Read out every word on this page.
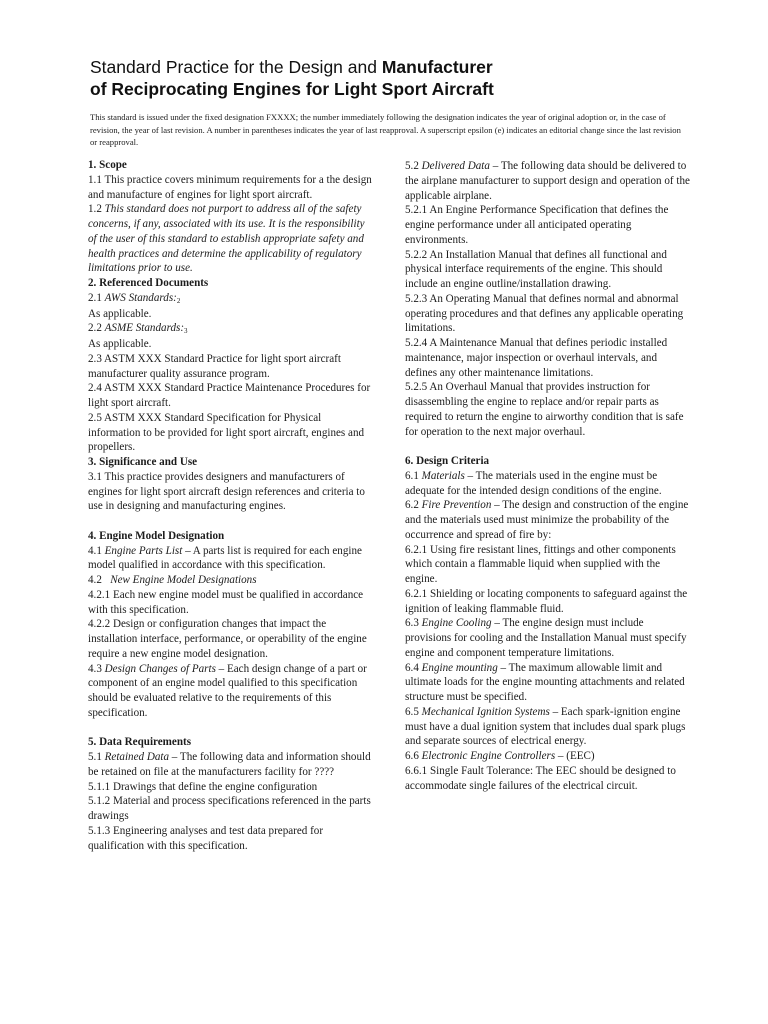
Standard Practice for the Design and Manufacturer
of Reciprocating Engines for Light Sport Aircraft
This standard is issued under the fixed designation FXXXX; the number immediately following the designation indicates the year of original adoption or, in the case of revision, the year of last revision. A number in parentheses indicates the year of last reapproval. A superscript epsilon (e) indicates an editorial change since the last revision or reapproval.

1. Scope

1.1 This practice covers minimum requirements for a the design and manufacture of engines for light sport aircraft.

1.2 This standard does not purport to address all of the safety concerns, if any, associated with its use. It is the responsibility of the user of this standard to establish appropriate safety and health practices and determine the applicability of regulatory limitations prior to use.

2. Referenced Documents

2.1 AWS Standards:$^2$

As applicable.

2.2 ASME Standards:$^3$

As applicable.

2.3 ASTM XXX Standard Practice for light sport aircraft manufacturer quality assurance program.

2.4 ASTM XXX Standard Practice Maintenance Procedures for light sport aircraft.

2.5 ASTM XXX Standard Specification for Physical information to be provided for light sport aircraft, engines and propellers.

3. Significance and Use

3.1 This practice provides designers and manufacturers of engines for light sport aircraft design references and criteria to use in designing and manufacturing engines.

4. Engine Model Designation

4.1 Engine Parts List – A parts list is required for each engine model qualified in accordance with this specification.

4.2   New Engine Model Designations

4.2.1 Each new engine model must be qualified in accordance with this specification.

4.2.2 Design or configuration changes that impact the installation interface, performance, or operability of the engine require a new engine model designation.

4.3 Design Changes of Parts – Each design change of a part or component of an engine model qualified to this specification should be evaluated relative to the requirements of this specification.

5. Data Requirements

5.1 Retained Data – The following data and information should be retained on file at the manufacturers facility for ????

5.1.1 Drawings that define the engine configuration

5.1.2 Material and process specifications referenced in the parts drawings

5.1.3 Engineering analyses and test data prepared for qualification with this specification.

5.2 Delivered Data – The following data should be delivered to the airplane manufacturer to support design and operation of the applicable airplane.

5.2.1 An Engine Performance Specification that defines the engine performance under all anticipated operating environments.

5.2.2 An Installation Manual that defines all functional and physical interface requirements of the engine. This should include an engine outline/installation drawing.

5.2.3 An Operating Manual that defines normal and abnormal operating procedures and that defines any applicable operating limitations.

5.2.4 A Maintenance Manual that defines periodic installed maintenance, major inspection or overhaul intervals, and defines any other maintenance limitations.

5.2.5 An Overhaul Manual that provides instruction for disassembling the engine to replace and/or repair parts as required to return the engine to airworthy condition that is safe for operation to the next major overhaul.

6. Design Criteria

6.1 Materials – The materials used in the engine must be adequate for the intended design conditions of the engine.

6.2 Fire Prevention – The design and construction of the engine and the materials used must minimize the probability of the occurrence and spread of fire by:

6.2.1 Using fire resistant lines, fittings and other components which contain a flammable liquid when supplied with the engine.

6.2.1 Shielding or locating components to safeguard against the ignition of leaking flammable fluid.

6.3 Engine Cooling – The engine design must include provisions for cooling and the Installation Manual must specify engine and component temperature limitations.

6.4 Engine mounting – The maximum allowable limit and ultimate loads for the engine mounting attachments and related structure must be specified.

6.5 Mechanical Ignition Systems – Each spark-ignition engine must have a dual ignition system that includes dual spark plugs and separate sources of electrical energy.

6.6 Electronic Engine Controllers – (EEC)

6.6.1 Single Fault Tolerance: The EEC should be designed to accommodate single failures of the electrical circuit.
